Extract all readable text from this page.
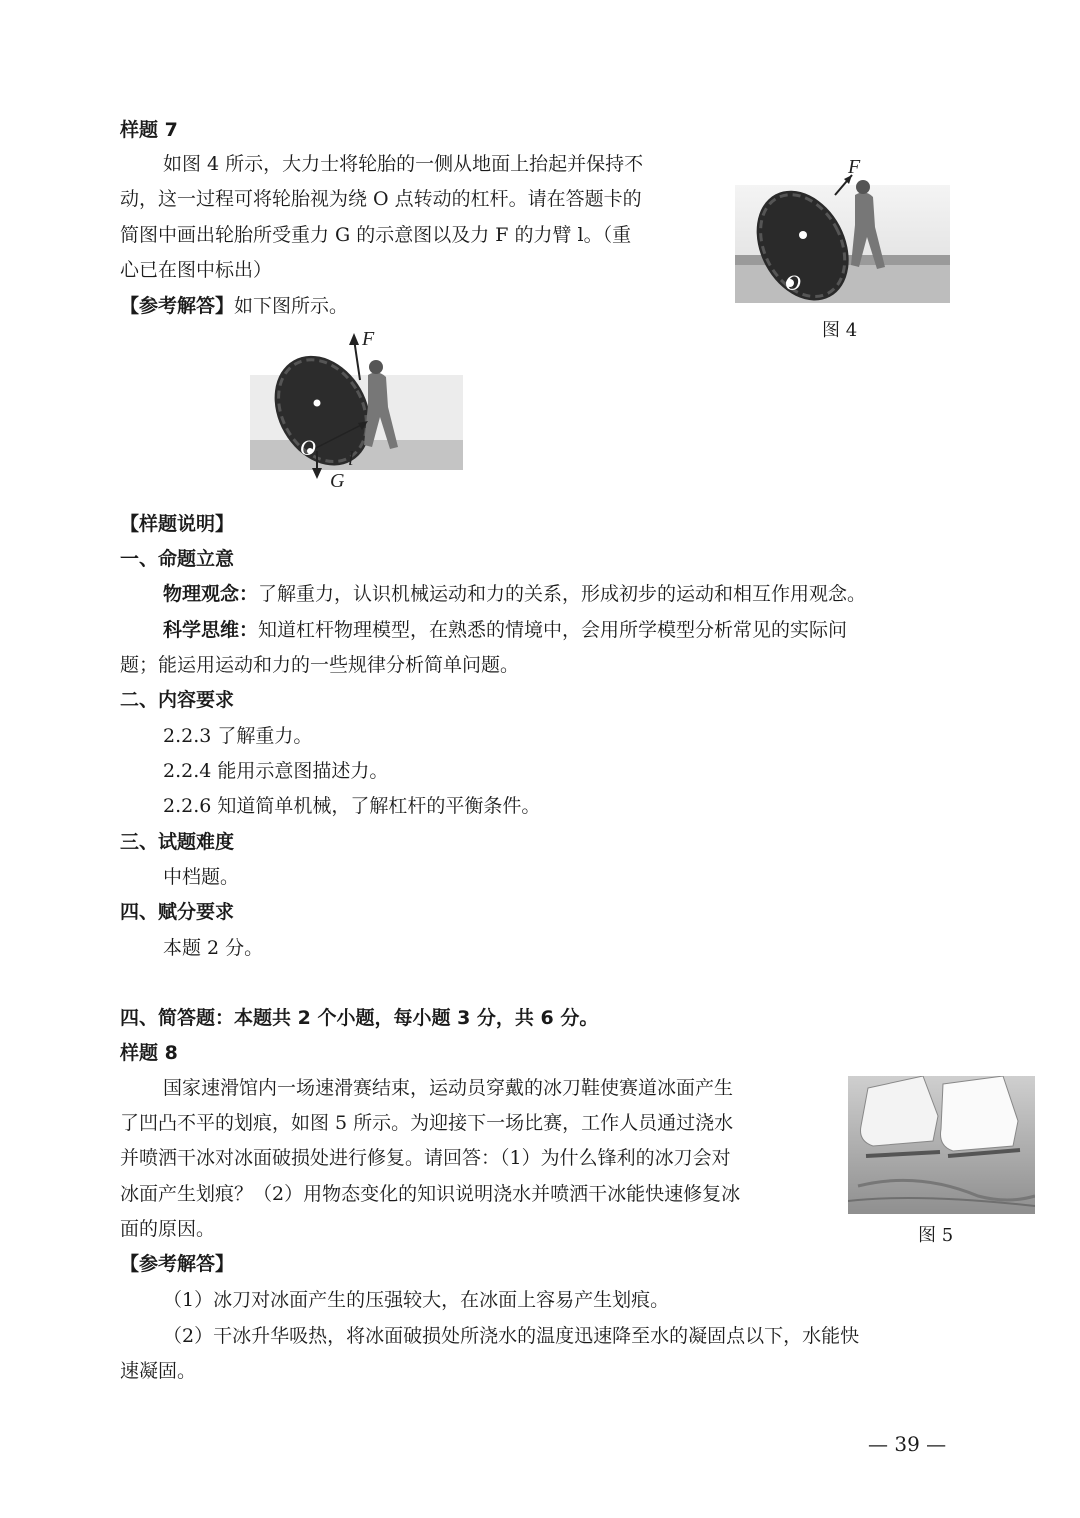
样题 7
如图 4 所示，大力士将轮胎的一侧从地面上抬起并保持不
动，这一过程可将轮胎视为绕 O 点转动的杠杆。请在答题卡的
简图中画出轮胎所受重力 G 的示意图以及力 F 的力臂 l。（重
心已在图中标出）
【参考解答】如下图所示。
O
F
图 4
F
O l
G
【样题说明】
一、命题立意
物理观念：了解重力，认识机械运动和力的关系，形成初步的运动和相互作用观念。
科学思维：知道杠杆物理模型，在熟悉的情境中，会用所学模型分析常见的实际问
题；能运用运动和力的一些规律分析简单问题。
二、内容要求
2.2.3 了解重力。
2.2.4 能用示意图描述力。
2.2.6 知道简单机械，了解杠杆的平衡条件。
三、试题难度
中档题。
四、赋分要求
本题 2 分。
四、简答题：本题共 2 个小题，每小题 3 分，共 6 分。
样题 8
国家速滑馆内一场速滑赛结束，运动员穿戴的冰刀鞋使赛道冰面产生
了凹凸不平的划痕，如图 5 所示。为迎接下一场比赛，工作人员通过浇水
并喷洒干冰对冰面破损处进行修复。请回答：（1）为什么锋利的冰刀会对
冰面产生划痕？（2）用物态变化的知识说明浇水并喷洒干冰能快速修复冰
面的原因。	图 5
【参考解答】
（1）冰刀对冰面产生的压强较大，在冰面上容易产生划痕。
（2）干冰升华吸热，将冰面破损处所浇水的温度迅速降至水的凝固点以下，水能快
速凝固。
— 39 —
